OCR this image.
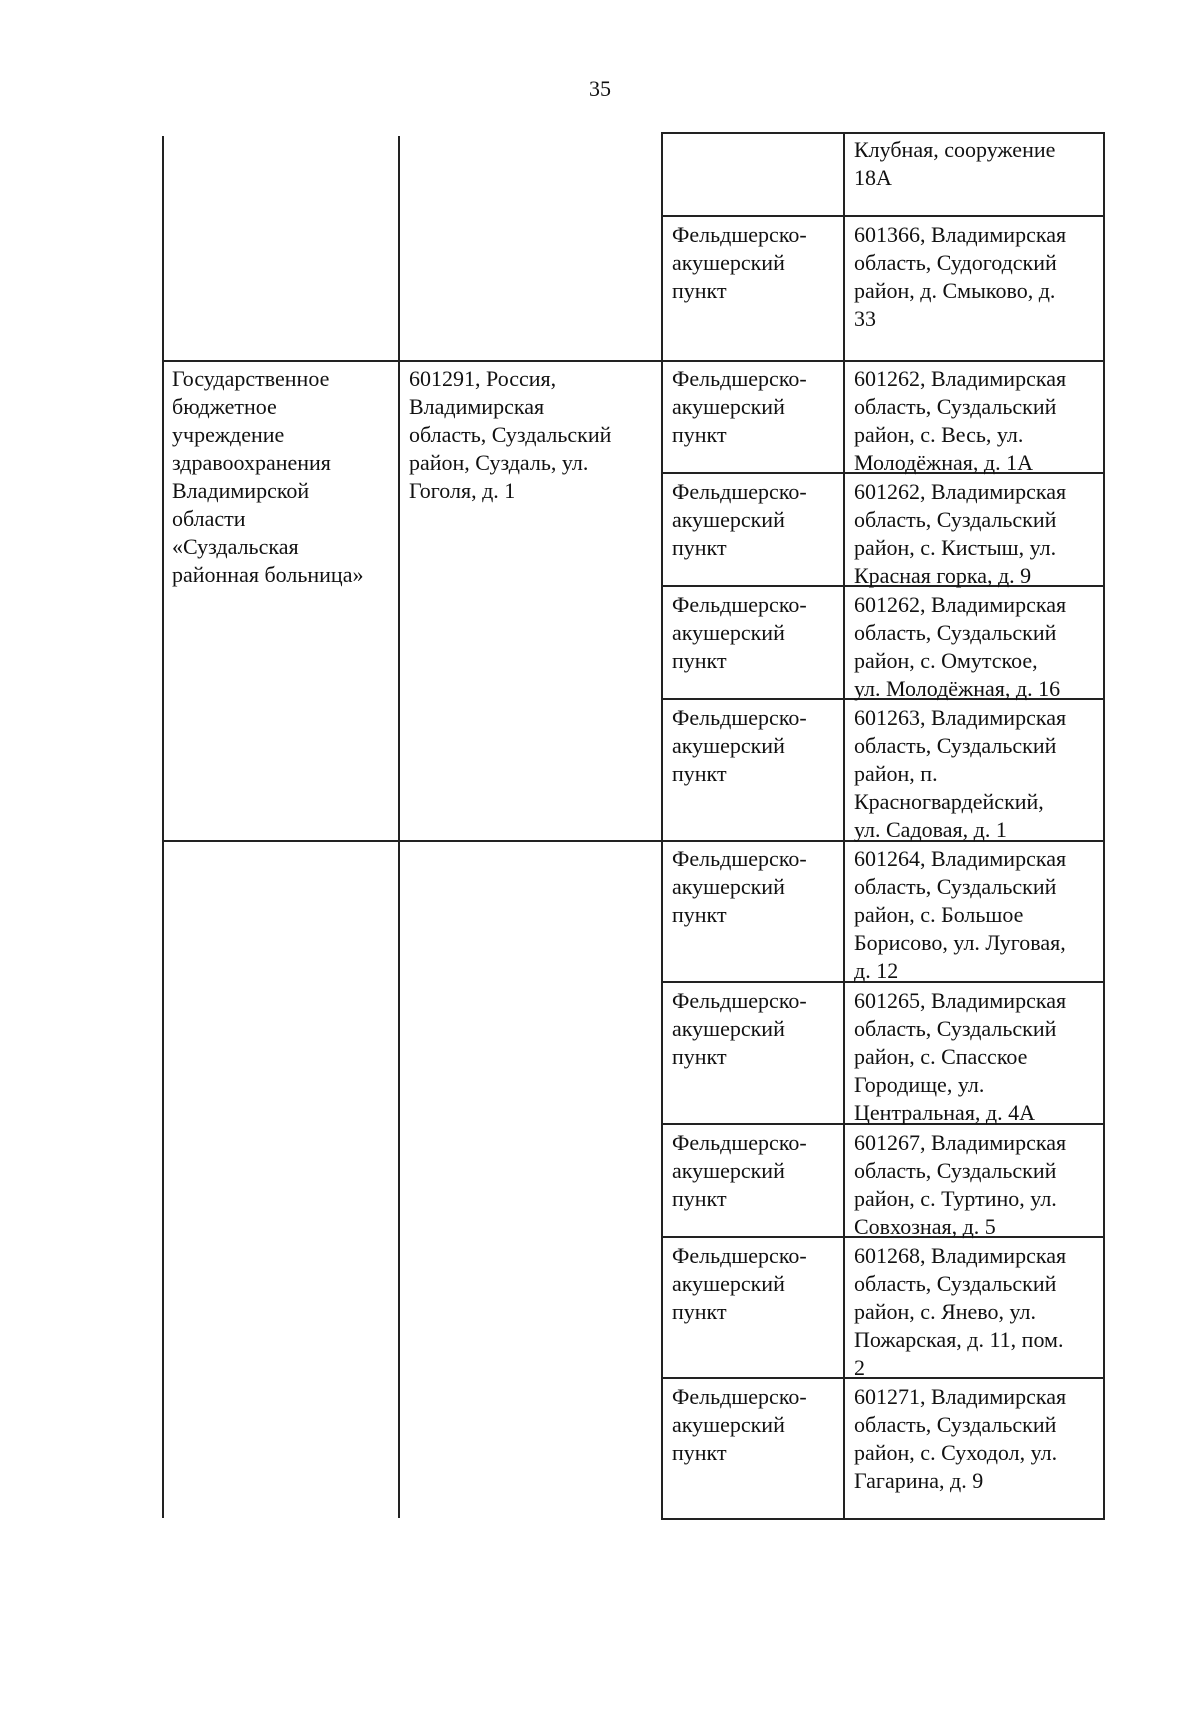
35
Клубная, сооружение
18А
Фельдшерско-
акушерский
пункт
601366, Владимирская
область, Судогодский
район, д. Смыково, д.
33
Государственное
бюджетное
учреждение
здравоохранения
Владимирской
области
«Суздальская
районная больница»
601291, Россия,
Владимирская
область, Суздальский
район, Суздаль, ул.
Гоголя, д. 1
Фельдшерско-
акушерский
пункт
601262, Владимирская
область, Суздальский
район, с. Весь, ул.
Молодёжная, д. 1А
Фельдшерско-
акушерский
пункт
601262, Владимирская
область, Суздальский
район, с. Кистыш, ул.
Красная горка, д. 9
Фельдшерско-
акушерский
пункт
601262, Владимирская
область, Суздальский
район, с. Омутское,
ул. Молодёжная, д. 16
Фельдшерско-
акушерский
пункт
601263, Владимирская
область, Суздальский
район, п.
Красногвардейский,
ул. Садовая, д. 1
Фельдшерско-
акушерский
пункт
601264, Владимирская
область, Суздальский
район, с. Большое
Борисово, ул. Луговая,
д. 12
Фельдшерско-
акушерский
пункт
601265, Владимирская
область, Суздальский
район, с. Спасское
Городище, ул.
Центральная, д. 4А
Фельдшерско-
акушерский
пункт
601267, Владимирская
область, Суздальский
район, с. Туртино, ул.
Совхозная, д. 5
Фельдшерско-
акушерский
пункт
601268, Владимирская
область, Суздальский
район, с. Янево, ул.
Пожарская, д. 11, пом.
2
Фельдшерско-
акушерский
пункт
601271, Владимирская
область, Суздальский
район, с. Суходол, ул.
Гагарина, д. 9
